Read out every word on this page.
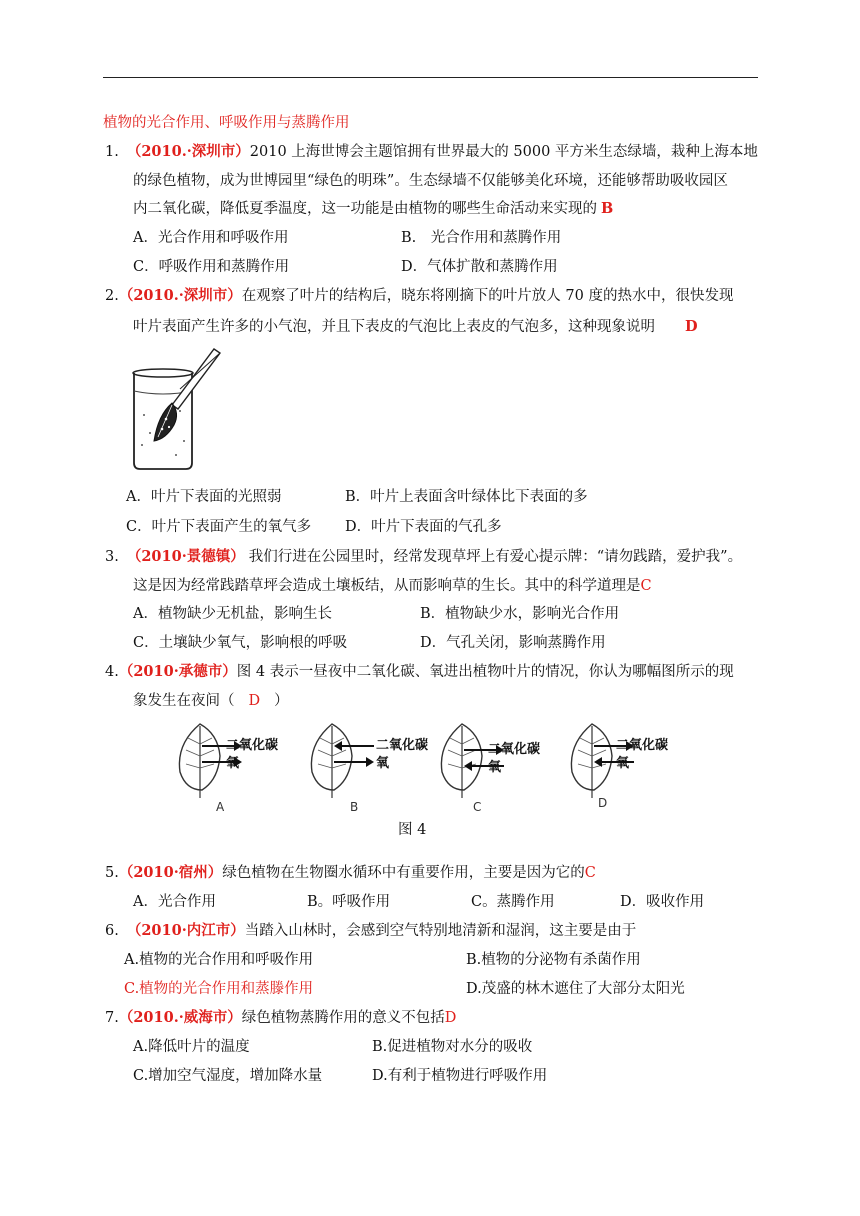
植物的光合作用、呼吸作用与蒸腾作用
1. （2010.·深圳市）2010 上海世博会主题馆拥有世界最大的 5000 平方米生态绿墙，栽种上海本地
的绿色植物，成为世博园里“绿色的明珠”。生态绿墙不仅能够美化环境，还能够帮助吸收园区
内二氧化碳，降低夏季温度，这一功能是由植物的哪些生命活动来实现的 B
A．光合作用和呼吸作用	B.　光合作用和蒸腾作用
C．呼吸作用和蒸腾作用	D．气体扩散和蒸腾作用
2.（2010.·深圳市）在观察了叶片的结构后，晓东将刚摘下的叶片放人 70 度的热水中，很快发现
叶片表面产生许多的小气泡，并且下表皮的气泡比上表皮的气泡多，这种现象说明 D
A．叶片下表面的光照弱	B．叶片上表面含叶绿体比下表面的多
C．叶片下表面产生的氧气多 D．叶片下表面的气孔多
3. （2010·景德镇） 我们行进在公园里时，经常发现草坪上有爱心提示牌：“请勿践踏，爱护我”。
这是因为经常践踏草坪会造成土壤板结，从而影响草的生长。其中的科学道理是C
A．植物缺少无机盐，影响生长	B．植物缺少水，影响光合作用
C．土壤缺少氧气，影响根的呼吸	D．气孔关闭，影响蒸腾作用
4.（2010·承德市）图 4 表示一昼夜中二氧化碳、氧进出植物叶片的情况，你认为哪幅图所示的现
象发生在夜间（ D ）
二氧化碳
氧
A
二氧化碳
氧
B
二氧化碳
氧
C
二氧化碳
氧
D
图 4
5.（2010·宿州）绿色植物在生物圈水循环中有重要作用，主要是因为它的C
A．光合作用	B。呼吸作用	C。蒸腾作用	D．吸收作用
6. （2010·内江市）当踏入山林时，会感到空气特别地清新和湿润，这主要是由于
A.植物的光合作用和呼吸作用	B.植物的分泌物有杀菌作用
C.植物的光合作用和蒸滕作用	D.茂盛的林木遮住了大部分太阳光
7.（2010.·威海市）绿色植物蒸腾作用的意义不包括D
A.降低叶片的温度	B.促进植物对水分的吸收
C.增加空气湿度，增加降水量	D.有利于植物进行呼吸作用
